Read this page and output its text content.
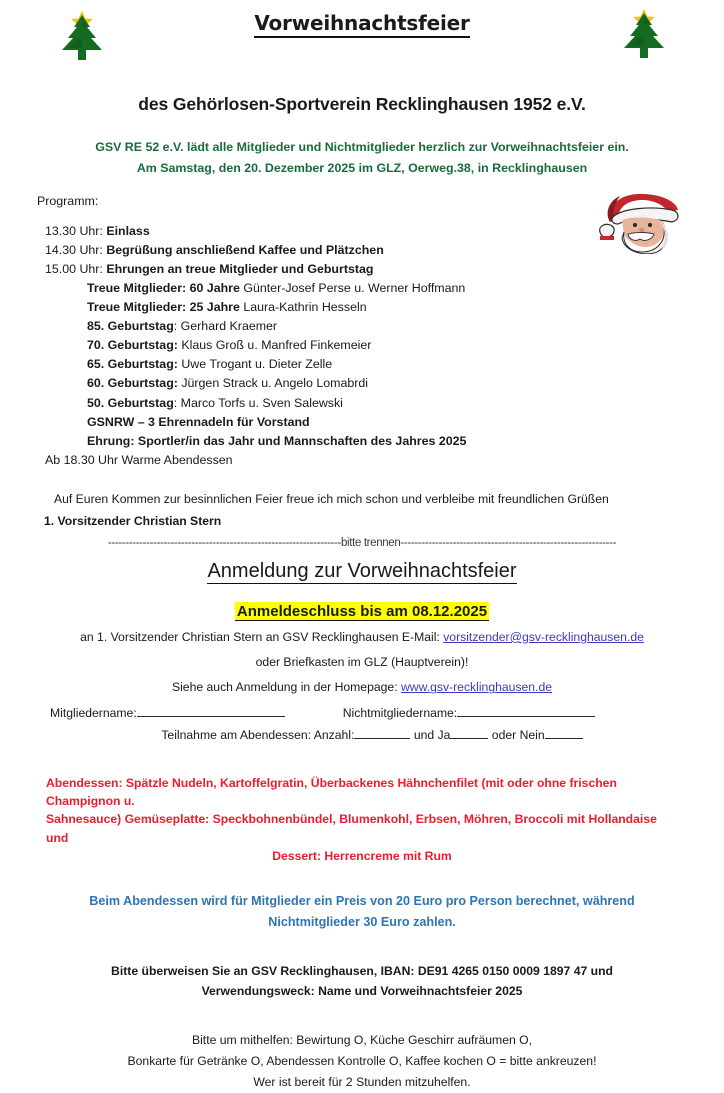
Vorweihnachtsfeier
des Gehörlosen-Sportverein Recklinghausen 1952 e.V.

GSV RE 52 e.V. lädt alle Mitglieder und Nichtmitglieder herzlich zur Vorweihnachtsfeier ein.
Am Samstag, den 20. Dezember 2025 im GLZ, Oerweg.38, in Recklinghausen

Programm:

13.30 Uhr: Einlass
14.30 Uhr: Begrüßung anschließend Kaffee und Plätzchen
15.00 Uhr: Ehrungen an treue Mitglieder und Geburtstag
Treue Mitglieder: 60 Jahre Günter-Josef Perse u. Werner Hoffmann
Treue Mitglieder: 25 Jahre Laura-Kathrin Hesseln
85. Geburtstag: Gerhard Kraemer
70. Geburtstag: Klaus Groß u. Manfred Finkemeier
65. Geburtstag: Uwe Trogant u. Dieter Zelle
60. Geburtstag: Jürgen Strack u. Angelo Lomabrdi
50. Geburtstag: Marco Torfs u. Sven Salewski
GSNRW – 3 Ehrennadeln für Vorstand
Ehrung: Sportler/in das Jahr und Mannschaften des Jahres 2025

Ab 18.30 Uhr Warme Abendessen

Auf Euren Kommen zur besinnlichen Feier freue ich mich schon und verbleibe mit freundlichen Grüßen

1. Vorsitzender Christian Stern

-------------------------------------------------------------------bitte trennen--------------------------------------------------------------

Anmeldung zur Vorweihnachtsfeier

Anmeldeschluss bis am 08.12.2025

an 1. Vorsitzender Christian Stern an GSV Recklinghausen E-Mail: vorsitzender@gsv-recklinghausen.de

oder Briefkasten im GLZ (Hauptverein)!

Siehe auch Anmeldung in der Homepage: www.gsv-recklinghausen.de

Mitgliedername:	Nichtmitgliedername:

Teilnahme am Abendessen: Anzahl:	und Ja	oder Nein

Abendessen: Spätzle Nudeln, Kartoffelgratin, Überbackenes Hähnchenfilet (mit oder ohne frischen Champignon u.
Sahnesauce) Gemüseplatte: Speckbohnenbündel, Blumenkohl, Erbsen, Möhren, Broccoli mit Hollandaise und
Dessert: Herrencreme mit Rum

Beim Abendessen wird für Mitglieder ein Preis von 20 Euro pro Person berechnet, während
Nichtmitglieder 30 Euro zahlen.

Bitte überweisen Sie an GSV Recklinghausen, IBAN: DE91 4265 0150 0009 1897 47 und
Verwendungsweck: Name und Vorweihnachtsfeier 2025

Bitte um mithelfen: Bewirtung O, Küche Geschirr aufräumen O,
Bonkarte für Getränke O, Abendessen Kontrolle O, Kaffee kochen O = bitte ankreuzen!
Wer ist bereit für 2 Stunden mitzuhelfen.
